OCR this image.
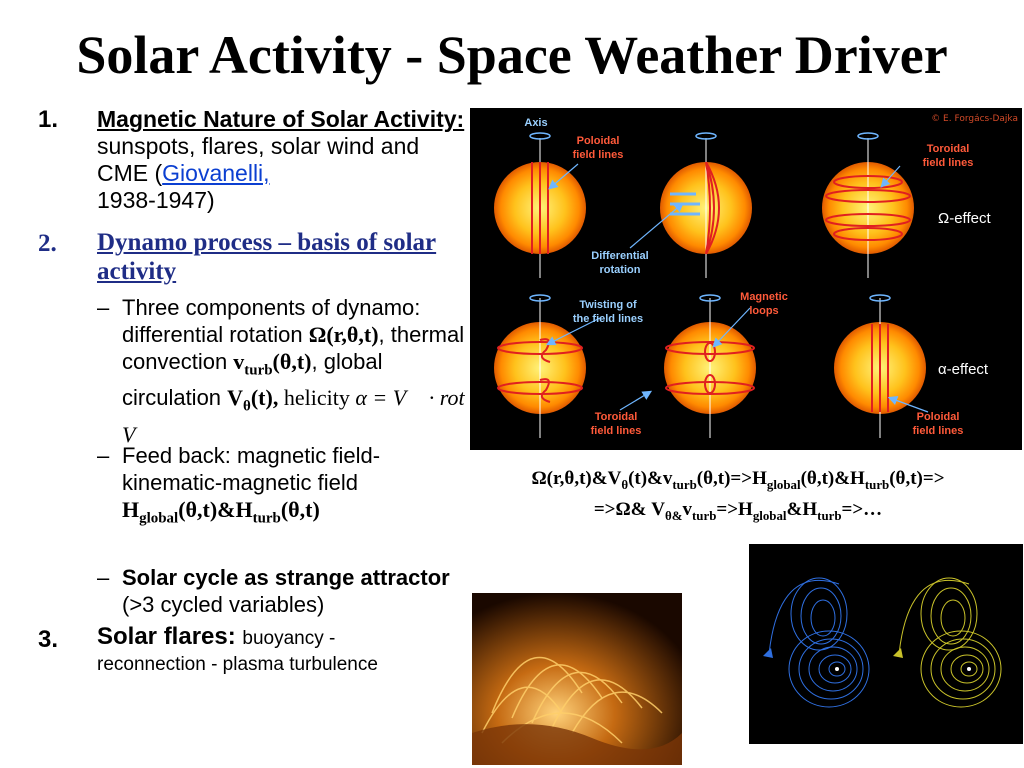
Solar Activity - Space Weather Driver
1. Magnetic Nature of Solar Activity: sunspots, flares, solar wind and CME (Giovanelli,
1938-1947)
2. Dynamo process – basis of solar activity
– Three components of dynamo: differential rotation Ω(r,θ,t), thermal convection $v_{turb}(\theta,t)$, global circulation $V_\theta(t)$, helicity α = V⃗ · rot V⃗
– Feed back: magnetic field-kinematic-magnetic field $H_{global}(\theta,t)\&H_{turb}(\theta,t)$
– Solar cycle as strange attractor (>3 cycled variables)
3. Solar flares: buoyancy - reconnection - plasma turbulence
© E. Forgács-Dajka
Axis
Poloidal
field lines	Toroidal
field lines
Differential
rotation
Twisting of
the field lines
Magnetic
loops
Toroidal
field lines
Poloidal
field lines
Ω-effect
α-effect
$\Omega(r,\theta,t)\&V_\theta(t)\&v_{turb}(\theta,t)=>H_{global}(\theta,t)\&H_{turb}(\theta,t)=>$
=>Ω& $V_{\theta\&}v_{turb}=>H_{global}\&H_{turb}=>\dots$
